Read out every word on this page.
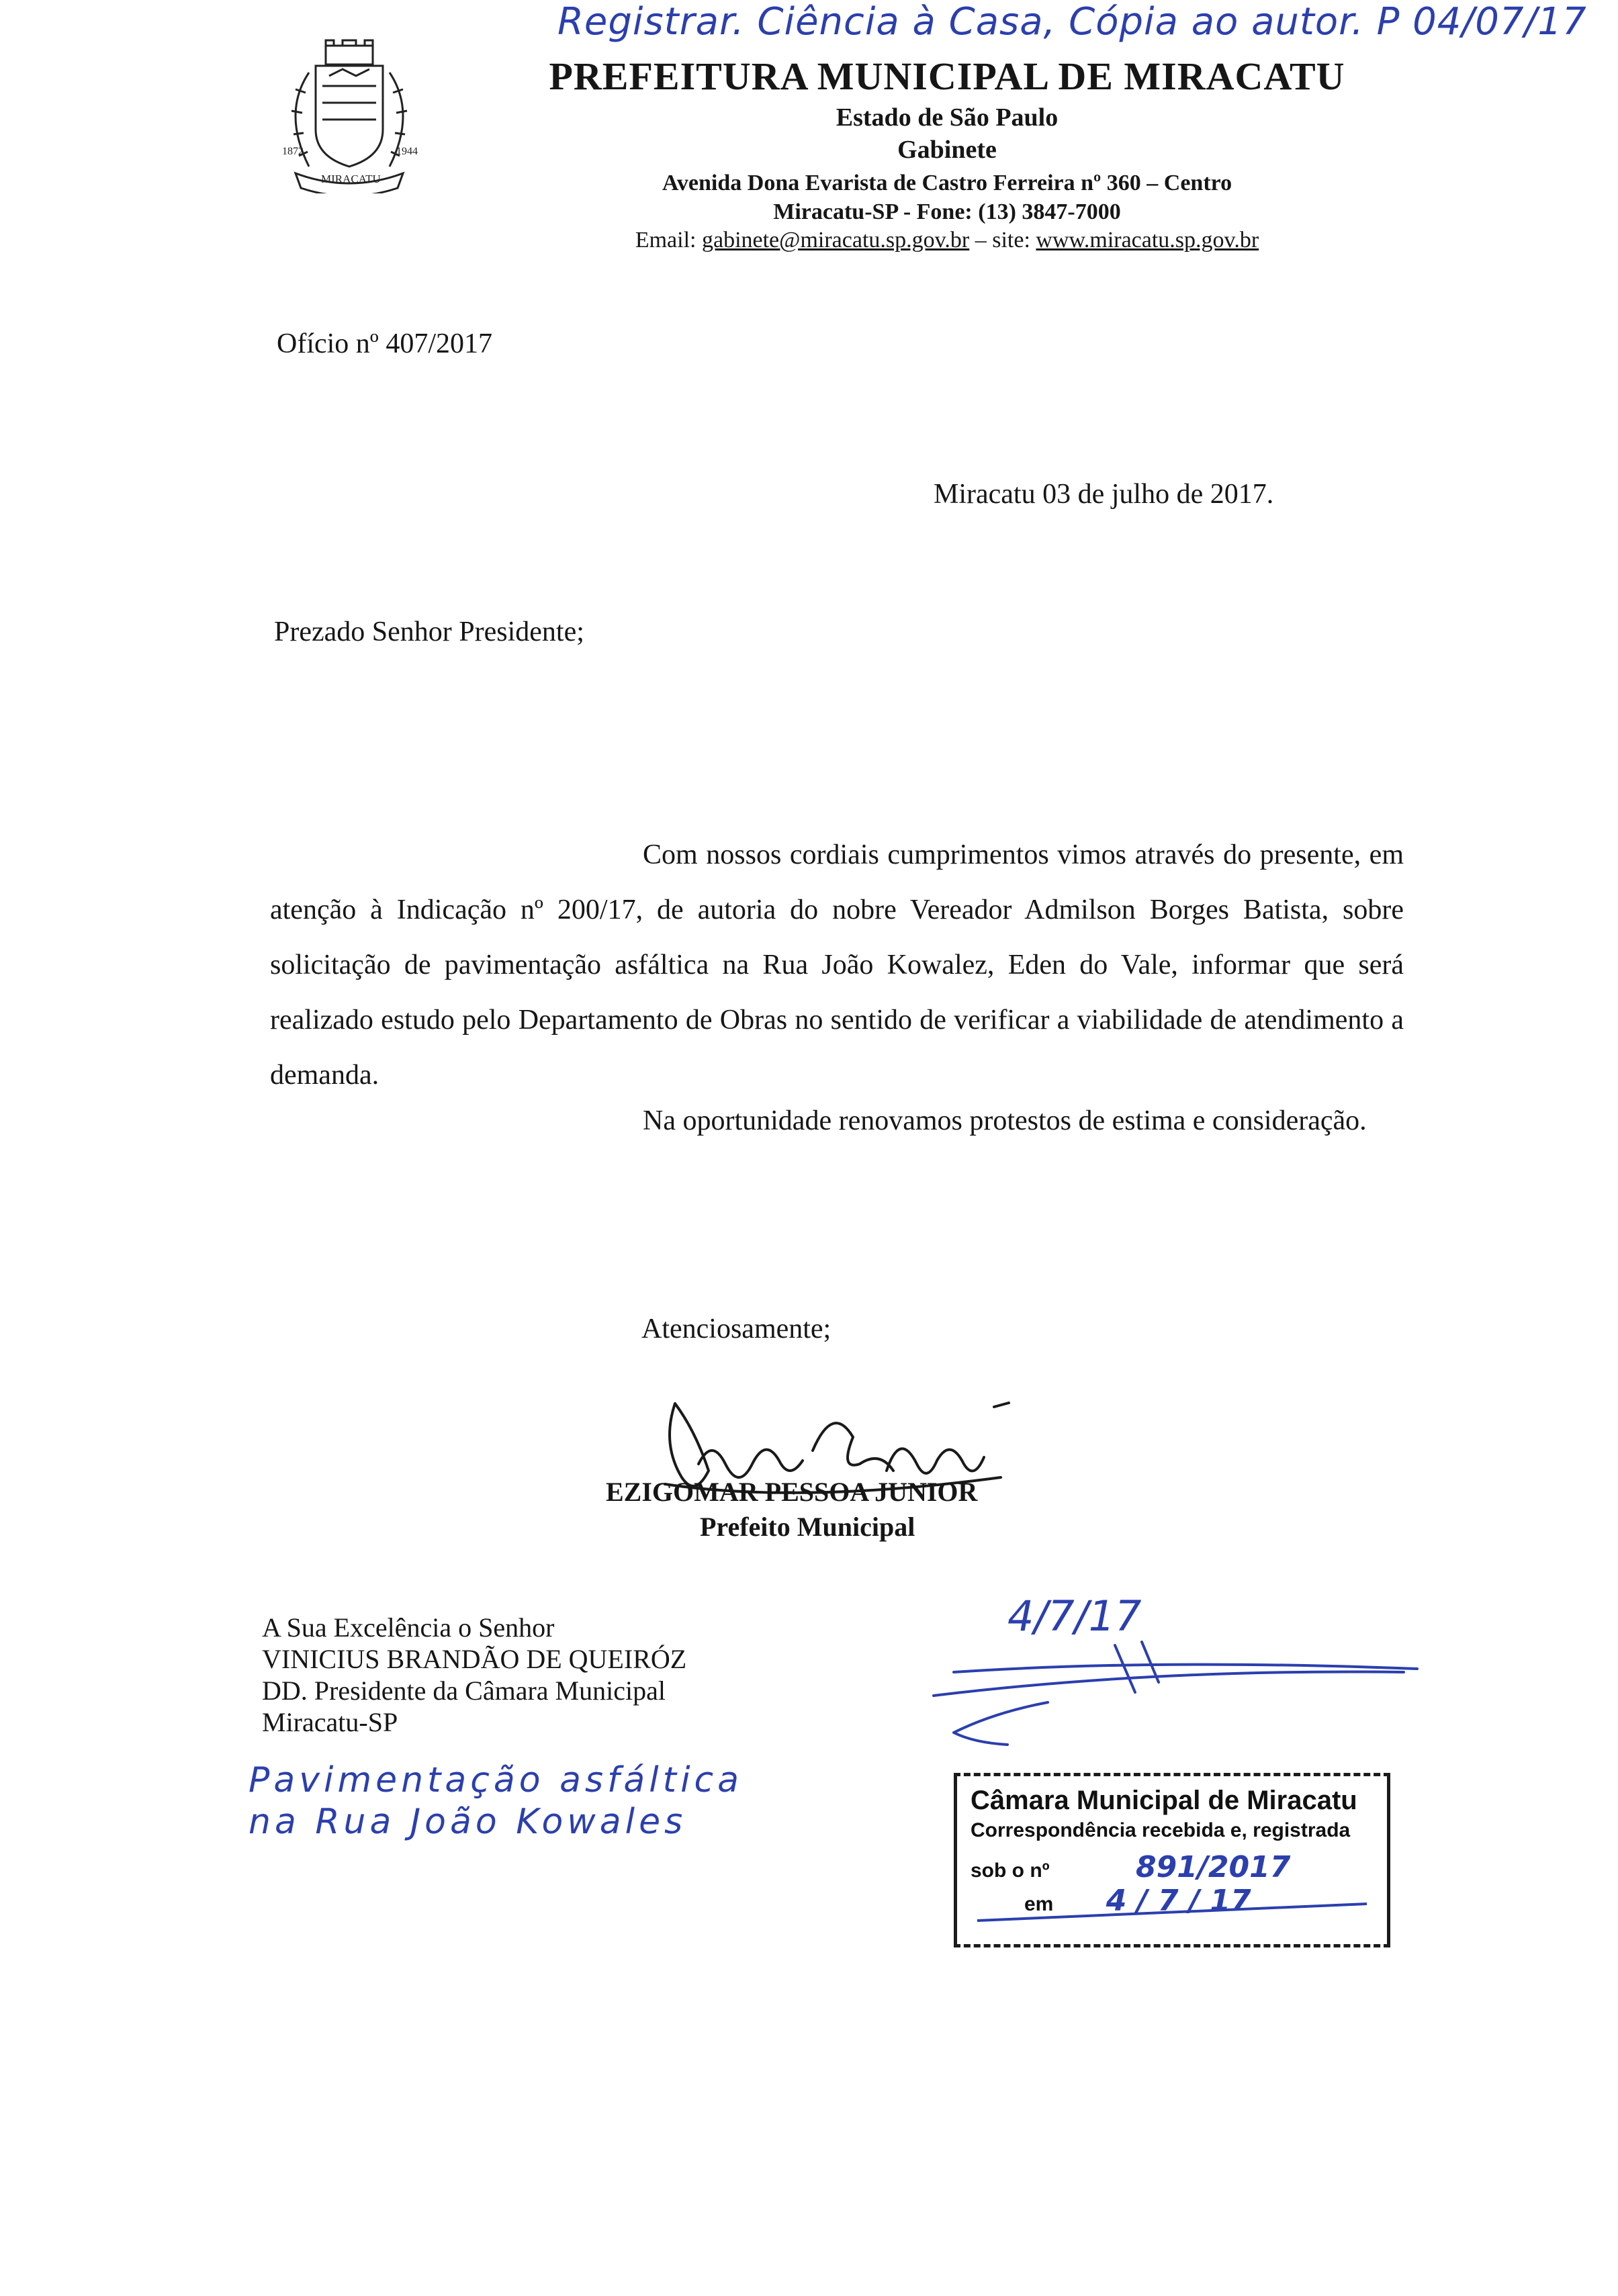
Registrar. Ciência à Casa, Cópia ao autor. P 04/07/17
1872	1944
MIRACATU
PREFEITURA MUNICIPAL DE MIRACATU
Estado de São Paulo
Gabinete
Avenida Dona Evarista de Castro Ferreira nº 360 – Centro
Miracatu-SP - Fone: (13) 3847-7000
Email: gabinete@miracatu.sp.gov.br – site: www.miracatu.sp.gov.br
Ofício nº 407/2017
Miracatu 03 de julho de 2017.
Prezado Senhor Presidente;
Com nossos cordiais cumprimentos vimos através do presente, em atenção à Indicação nº 200/17, de autoria do nobre Vereador Admilson Borges Batista, sobre solicitação de pavimentação asfáltica na Rua João Kowalez, Eden do Vale, informar que será realizado estudo pelo Departamento de Obras no sentido de verificar a viabilidade de atendimento a demanda.
Na oportunidade renovamos protestos de estima e consideração.
Atenciosamente;
EZIGOMAR PESSOA JUNIOR
Prefeito Municipal
A Sua Excelência o Senhor
VINICIUS BRANDÃO DE QUEIRÓZ
DD. Presidente da Câmara Municipal
Miracatu-SP
Pavimentação asfáltica
na Rua João Kowales
4/7/17
Câmara Municipal de Miracatu
Correspondência recebida e, registrada
sob o nº	891/2017
em 4 / 7 / 17
